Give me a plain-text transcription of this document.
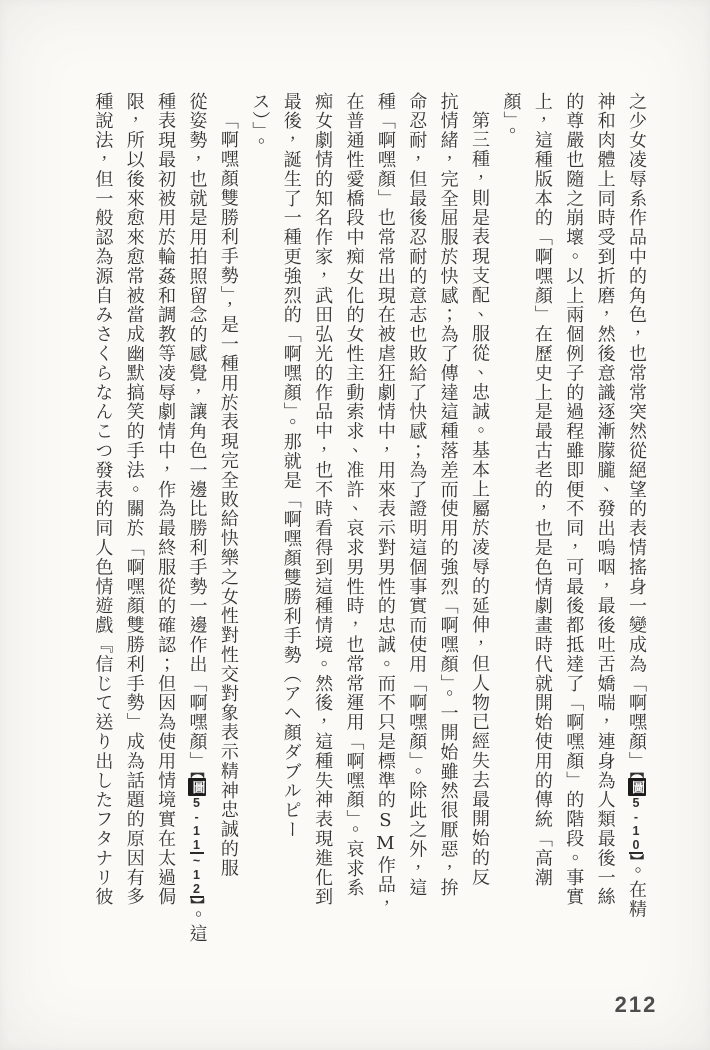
之少女凌辱系作品中的角色，也常常突然從絕望的表情搖身一變成為「啊嘿顏」【圖5-10】。在精
神和肉體上同時受到折磨，然後意識逐漸朦朧、發出嗚咽，最後吐舌嬌喘，連身為人類最後一絲
的尊嚴也隨之崩壞。以上兩個例子的過程雖即便不同，可最後都抵達了「啊嘿顏」的階段。事實
上，這種版本的「啊嘿顏」在歷史上是最古老的，也是色情劇畫時代就開始使用的傳統「高潮
顏」。
第三種，則是表現支配、服從、忠誠。基本上屬於凌辱的延伸，但人物已經失去最開始的反
抗情緒，完全屈服於快感；為了傳達這種落差而使用的強烈「啊嘿顏」。一開始雖然很厭惡，拚
命忍耐，但最後忍耐的意志也敗給了快感；為了證明這個事實而使用「啊嘿顏」。除此之外，這
種「啊嘿顏」也常常出現在被虐狂劇情中，用來表示對男性的忠誠。而不只是標準的SM作品，
在普通性愛橋段中痴女化的女性主動索求、准許、哀求男性時，也常常運用「啊嘿顏」。哀求系
痴女劇情的知名作家，武田弘光的作品中，也不時看得到這種情境。然後，這種失神表現進化到
最後，誕生了一種更強烈的「啊嘿顏」。那就是「啊嘿顏雙勝利手勢（アヘ顏ダブルピー
ス）」。
「啊嘿顏雙勝利手勢」，是一種用於表現完全敗給快樂之女性對性交對象表示精神忠誠的服
從姿勢，也就是用拍照留念的感覺，讓角色一邊比勝利手勢一邊作出「啊嘿顏」【圖5-11~12】。這
種表現最初被用於輪姦和調教等凌辱劇情中，作為最終服從的確認；但因為使用情境實在太過侷
限，所以後來愈來愈常被當成幽默搞笑的手法。關於「啊嘿顏雙勝利手勢」成為話題的原因有多
種說法，但一般認為源自みさくらなんこつ發表的同人色情遊戲『信じて送り出したフタナリ彼
212
